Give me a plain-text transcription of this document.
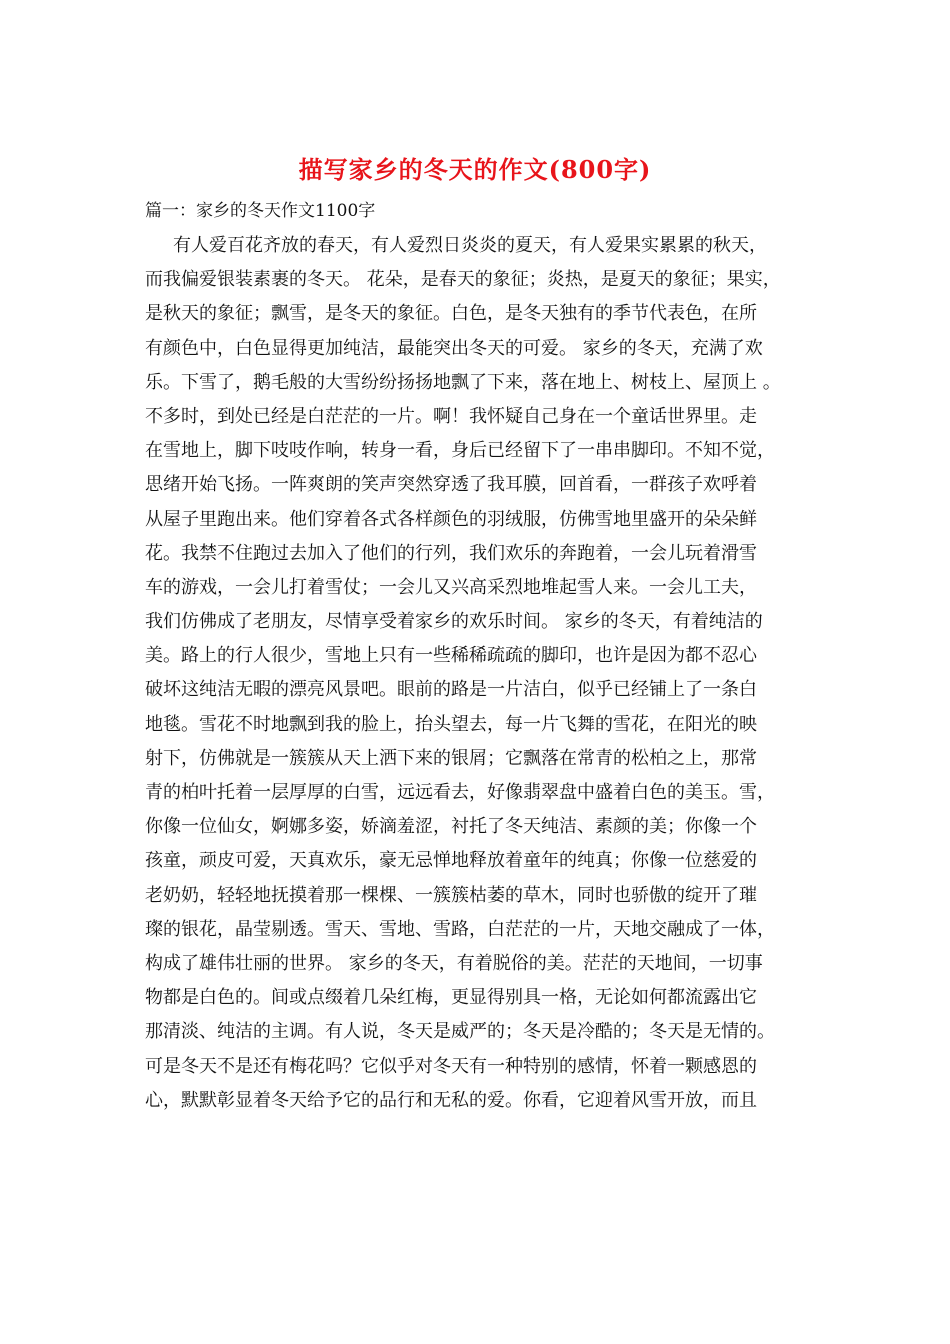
描写家乡的冬天的作文(800字)
篇一：家乡的冬天作文1100字
有人爱百花齐放的春天，有人爱烈日炎炎的夏天，有人爱果实累累的秋天，
而我偏爱银装素裹的冬天。 花朵，是春天的象征；炎热，是夏天的象征；果实，
是秋天的象征；飘雪，是冬天的象征。白色，是冬天独有的季节代表色，在所
有颜色中，白色显得更加纯洁，最能突出冬天的可爱。 家乡的冬天，充满了欢
乐。下雪了，鹅毛般的大雪纷纷扬扬地飘了下来，落在地上、树枝上、屋顶上 。
不多时，到处已经是白茫茫的一片。啊！我怀疑自己身在一个童话世界里。走
在雪地上，脚下吱吱作响，转身一看，身后已经留下了一串串脚印。不知不觉，
思绪开始飞扬。一阵爽朗的笑声突然穿透了我耳膜，回首看，一群孩子欢呼着
从屋子里跑出来。他们穿着各式各样颜色的羽绒服，仿佛雪地里盛开的朵朵鲜
花。我禁不住跑过去加入了他们的行列，我们欢乐的奔跑着，一会儿玩着滑雪
车的游戏，一会儿打着雪仗；一会儿又兴高采烈地堆起雪人来。一会儿工夫，
我们仿佛成了老朋友，尽情享受着家乡的欢乐时间。 家乡的冬天，有着纯洁的
美。路上的行人很少，雪地上只有一些稀稀疏疏的脚印，也许是因为都不忍心
破坏这纯洁无暇的漂亮风景吧。眼前的路是一片洁白，似乎已经铺上了一条白
地毯。雪花不时地飘到我的脸上，抬头望去，每一片飞舞的雪花，在阳光的映
射下，仿佛就是一簇簇从天上洒下来的银屑；它飘落在常青的松柏之上，那常
青的柏叶托着一层厚厚的白雪，远远看去，好像翡翠盘中盛着白色的美玉。雪，
你像一位仙女，婀娜多姿，娇滴羞涩，衬托了冬天纯洁、素颜的美；你像一个
孩童，顽皮可爱，天真欢乐，豪无忌惮地释放着童年的纯真；你像一位慈爱的
老奶奶，轻轻地抚摸着那一棵棵、一簇簇枯萎的草木，同时也骄傲的绽开了璀
璨的银花，晶莹剔透。雪天、雪地、雪路，白茫茫的一片，天地交融成了一体，
构成了雄伟壮丽的世界。 家乡的冬天，有着脱俗的美。茫茫的天地间，一切事
物都是白色的。间或点缀着几朵红梅，更显得别具一格，无论如何都流露出它
那清淡、纯洁的主调。有人说，冬天是威严的；冬天是冷酷的；冬天是无情的。
可是冬天不是还有梅花吗？它似乎对冬天有一种特别的感情，怀着一颗感恩的
心，默默彰显着冬天给予它的品行和无私的爱。你看，它迎着风雪开放，而且
